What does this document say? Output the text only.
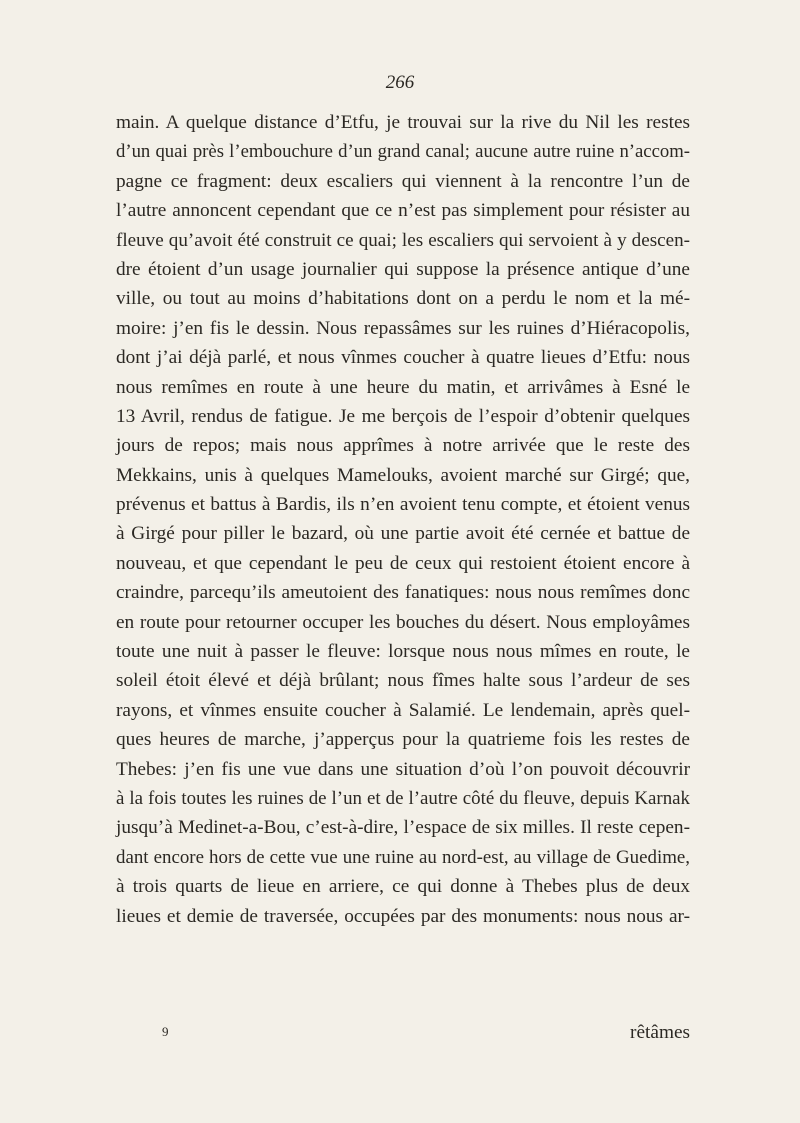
266
main. A quelque distance d’Etfu, je trouvai sur la rive du Nil les restes
d’un quai près l’embouchure d’un grand canal; aucune autre ruine n’accom-
pagne ce fragment: deux escaliers qui viennent à la rencontre l’un de
l’autre annoncent cependant que ce n’est pas simplement pour résister au
fleuve qu’avoit été construit ce quai; les escaliers qui servoient à y descen-
dre étoient d’un usage journalier qui suppose la présence antique d’une
ville, ou tout au moins d’habitations dont on a perdu le nom et la mé-
moire: j’en fis le dessin. Nous repassâmes sur les ruines d’Hiéracopolis,
dont j’ai déjà parlé, et nous vînmes coucher à quatre lieues d’Etfu: nous
nous remîmes en route à une heure du matin, et arrivâmes à Esné le
13 Avril, rendus de fatigue. Je me berçois de l’espoir d’obtenir quelques
jours de repos; mais nous apprîmes à notre arrivée que le reste des
Mekkains, unis à quelques Mamelouks, avoient marché sur Girgé; que,
prévenus et battus à Bardis, ils n’en avoient tenu compte, et étoient venus
à Girgé pour piller le bazard, où une partie avoit été cernée et battue de
nouveau, et que cependant le peu de ceux qui restoient étoient encore à
craindre, parcequ’ils ameutoient des fanatiques: nous nous remîmes donc
en route pour retourner occuper les bouches du désert. Nous employâmes
toute une nuit à passer le fleuve: lorsque nous nous mîmes en route, le
soleil étoit élevé et déjà brûlant; nous fîmes halte sous l’ardeur de ses
rayons, et vînmes ensuite coucher à Salamié. Le lendemain, après quel-
ques heures de marche, j’apperçus pour la quatrieme fois les restes de
Thebes: j’en fis une vue dans une situation d’où l’on pouvoit découvrir
à la fois toutes les ruines de l’un et de l’autre côté du fleuve, depuis Karnak
jusqu’à Medinet-a-Bou, c’est-à-dire, l’espace de six milles. Il reste cepen-
dant encore hors de cette vue une ruine au nord-est, au village de Guedime,
à trois quarts de lieue en arriere, ce qui donne à Thebes plus de deux
lieues et demie de traversée, occupées par des monuments: nous nous ar-
9	rêtâmes
